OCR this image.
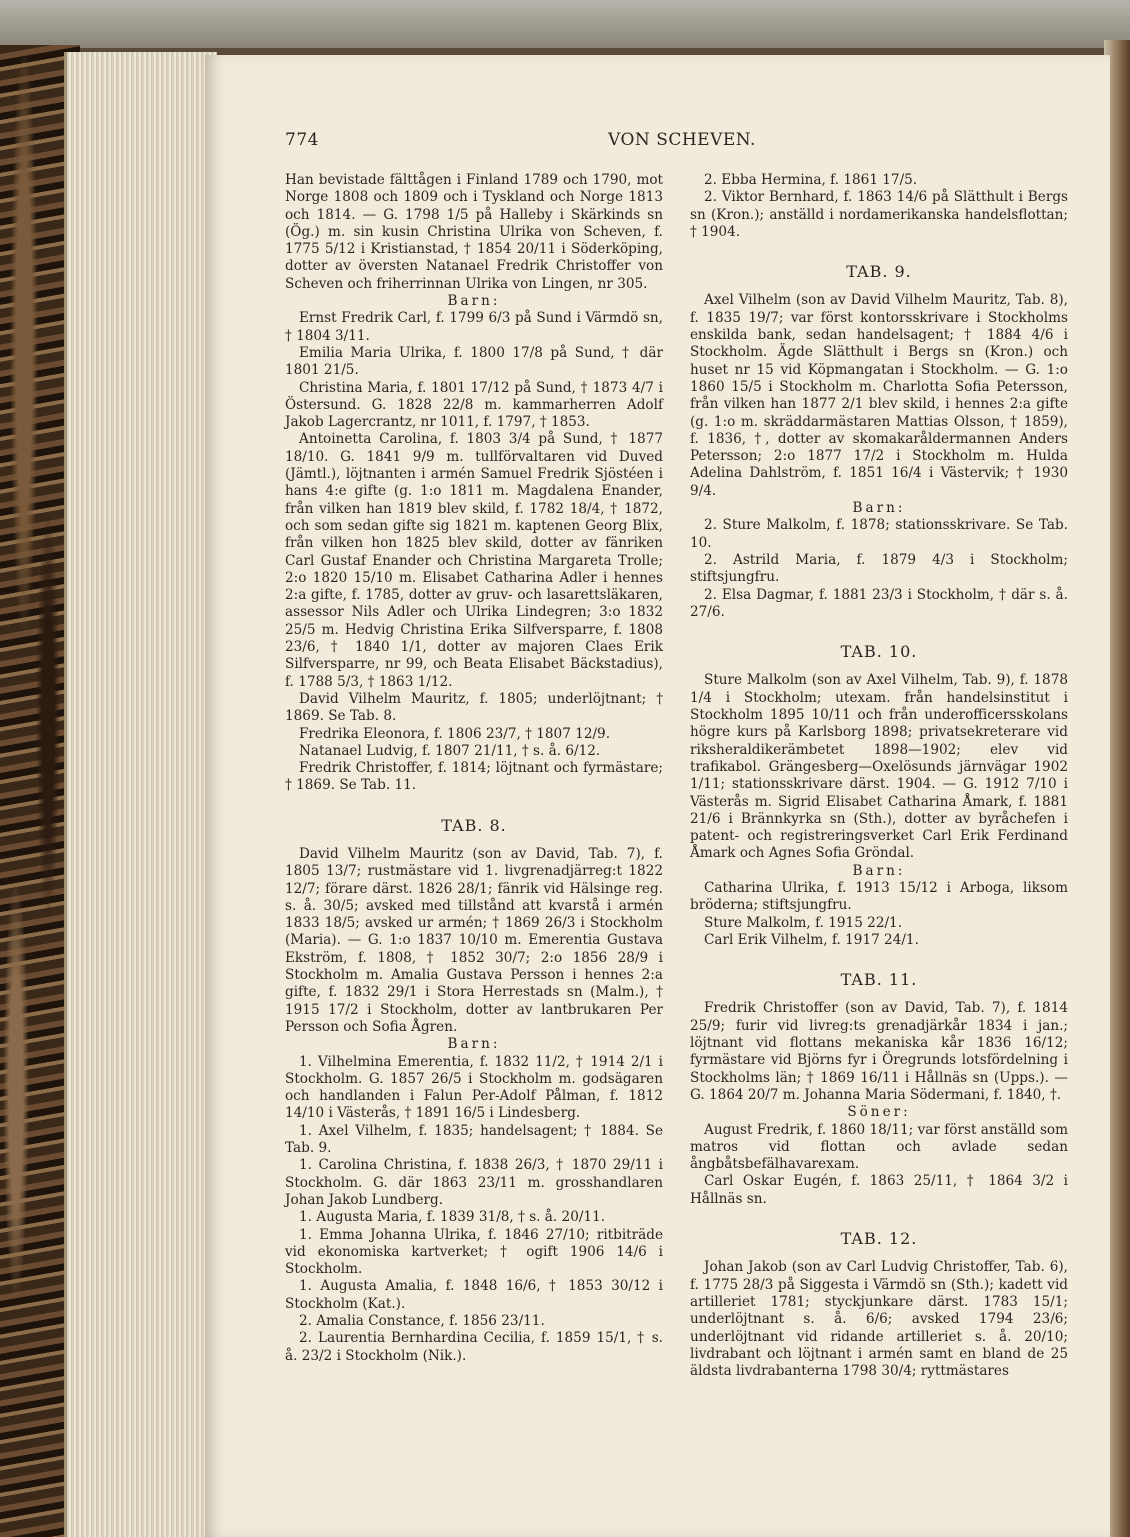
774	VON SCHEVEN.

Han bevistade fälttågen i Finland 1789 och 1790, mot Norge 1808 och 1809 och i Tyskland och Norge 1813 och 1814. — G. 1798 1/5 på Halleby i Skärkinds sn (Ög.) m. sin kusin Christina Ulrika von Scheven, f. 1775 5/12 i Kristianstad, † 1854 20/11 i Söderköping, dotter av översten Natanael Fredrik Christoffer von Scheven och friherrinnan Ulrika von Lingen, nr 305.

Barn:

Ernst Fredrik Carl, f. 1799 6/3 på Sund i Värmdö sn, † 1804 3/11.

Emilia Maria Ulrika, f. 1800 17/8 på Sund, † där 1801 21/5.

Christina Maria, f. 1801 17/12 på Sund, † 1873 4/7 i Östersund. G. 1828 22/8 m. kammarherren Adolf Jakob Lagercrantz, nr 1011, f. 1797, † 1853.

Antoinetta Carolina, f. 1803 3/4 på Sund, † 1877 18/10. G. 1841 9/9 m. tullförvaltaren vid Duved (Jämtl.), löjtnanten i armén Samuel Fredrik Sjöstéen i hans 4:e gifte (g. 1:o 1811 m. Magdalena Enander, från vilken han 1819 blev skild, f. 1782 18/4, † 1872, och som sedan gifte sig 1821 m. kaptenen Georg Blix, från vilken hon 1825 blev skild, dotter av fänriken Carl Gustaf Enander och Christina Margareta Trolle; 2:o 1820 15/10 m. Elisabet Catharina Adler i hennes 2:a gifte, f. 1785, dotter av gruv- och lasarettsläkaren, assessor Nils Adler och Ulrika Lindegren; 3:o 1832 25/5 m. Hedvig Christina Erika Silfversparre, f. 1808 23/6, † 1840 1/1, dotter av majoren Claes Erik Silfversparre, nr 99, och Beata Elisabet Bäckstadius), f. 1788 5/3, † 1863 1/12.

David Vilhelm Mauritz, f. 1805; underlöjtnant; † 1869. Se Tab. 8.

Fredrika Eleonora, f. 1806 23/7, † 1807 12/9.

Natanael Ludvig, f. 1807 21/11, † s. å. 6/12.

Fredrik Christoffer, f. 1814; löjtnant och fyrmästare; † 1869. Se Tab. 11.

TAB. 8.

David Vilhelm Mauritz (son av David, Tab. 7), f. 1805 13/7; rustmästare vid 1. livgrenadjärreg:t 1822 12/7; förare därst. 1826 28/1; fänrik vid Hälsinge reg. s. å. 30/5; avsked med tillstånd att kvarstå i armén 1833 18/5; avsked ur armén; † 1869 26/3 i Stockholm (Maria). — G. 1:o 1837 10/10 m. Emerentia Gustava Ekström, f. 1808, † 1852 30/7; 2:o 1856 28/9 i Stockholm m. Amalia Gustava Persson i hennes 2:a gifte, f. 1832 29/1 i Stora Herrestads sn (Malm.), † 1915 17/2 i Stockholm, dotter av lantbrukaren Per Persson och Sofia Ågren.

Barn:

1. Vilhelmina Emerentia, f. 1832 11/2, † 1914 2/1 i Stockholm. G. 1857 26/5 i Stockholm m. godsägaren och handlanden i Falun Per-Adolf Pålman, f. 1812 14/10 i Västerås, † 1891 16/5 i Lindesberg.

1. Axel Vilhelm, f. 1835; handelsagent; † 1884. Se Tab. 9.

1. Carolina Christina, f. 1838 26/3, † 1870 29/11 i Stockholm. G. där 1863 23/11 m. grosshandlaren Johan Jakob Lundberg.

1. Augusta Maria, f. 1839 31/8, † s. å. 20/11.

1. Emma Johanna Ulrika, f. 1846 27/10; ritbiträde vid ekonomiska kartverket; † ogift 1906 14/6 i Stockholm.

1. Augusta Amalia, f. 1848 16/6, † 1853 30/12 i Stockholm (Kat.).

2. Amalia Constance, f. 1856 23/11.

2. Laurentia Bernhardina Cecilia, f. 1859 15/1, † s. å. 23/2 i Stockholm (Nik.).

2. Ebba Hermina, f. 1861 17/5.

2. Viktor Bernhard, f. 1863 14/6 på Slätthult i Bergs sn (Kron.); anställd i nordamerikanska handelsflottan; † 1904.

TAB. 9.

Axel Vilhelm (son av David Vilhelm Mauritz, Tab. 8), f. 1835 19/7; var först kontorsskrivare i Stockholms enskilda bank, sedan handelsagent; † 1884 4/6 i Stockholm. Ägde Slätthult i Bergs sn (Kron.) och huset nr 15 vid Köpmangatan i Stockholm. — G. 1:o 1860 15/5 i Stockholm m. Charlotta Sofia Petersson, från vilken han 1877 2/1 blev skild, i hennes 2:a gifte (g. 1:o m. skräddarmästaren Mattias Olsson, † 1859), f. 1836, †, dotter av skomakaråldermannen Anders Petersson; 2:o 1877 17/2 i Stockholm m. Hulda Adelina Dahlström, f. 1851 16/4 i Västervik; † 1930 9/4.

Barn:

2. Sture Malkolm, f. 1878; stationsskrivare. Se Tab. 10.

2. Astrild Maria, f. 1879 4/3 i Stockholm; stiftsjungfru.

2. Elsa Dagmar, f. 1881 23/3 i Stockholm, † där s. å. 27/6.

TAB. 10.

Sture Malkolm (son av Axel Vilhelm, Tab. 9), f. 1878 1/4 i Stockholm; utexam. från handelsinstitut i Stockholm 1895 10/11 och från underofficersskolans högre kurs på Karlsborg 1898; privatsekreterare vid riksheraldikerämbetet 1898—1902; elev vid trafikabol. Grängesberg—Oxelösunds järnvägar 1902 1/11; stationsskrivare därst. 1904. — G. 1912 7/10 i Västerås m. Sigrid Elisabet Catharina Åmark, f. 1881 21/6 i Brännkyrka sn (Sth.), dotter av byråchefen i patent- och registreringsverket Carl Erik Ferdinand Åmark och Agnes Sofia Gröndal.

Barn:

Catharina Ulrika, f. 1913 15/12 i Arboga, liksom bröderna; stiftsjungfru.

Sture Malkolm, f. 1915 22/1.

Carl Erik Vilhelm, f. 1917 24/1.

TAB. 11.

Fredrik Christoffer (son av David, Tab. 7), f. 1814 25/9; furir vid livreg:ts grenadjärkår 1834 i jan.; löjtnant vid flottans mekaniska kår 1836 16/12; fyrmästare vid Björns fyr i Öregrunds lotsfördelning i Stockholms län; † 1869 16/11 i Hållnäs sn (Upps.). — G. 1864 20/7 m. Johanna Maria Södermani, f. 1840, †.

Söner:

August Fredrik, f. 1860 18/11; var först anställd som matros vid flottan och avlade sedan ångbåtsbefälhavarexam.

Carl Oskar Eugén, f. 1863 25/11, † 1864 3/2 i Hållnäs sn.

TAB. 12.

Johan Jakob (son av Carl Ludvig Christoffer, Tab. 6), f. 1775 28/3 på Siggesta i Värmdö sn (Sth.); kadett vid artilleriet 1781; styckjunkare därst. 1783 15/1; underlöjtnant s. å. 6/6; avsked 1794 23/6; underlöjtnant vid ridande artilleriet s. å. 20/10; livdrabant och löjtnant i armén samt en bland de 25 äldsta livdrabanterna 1798 30/4; ryttmästares
